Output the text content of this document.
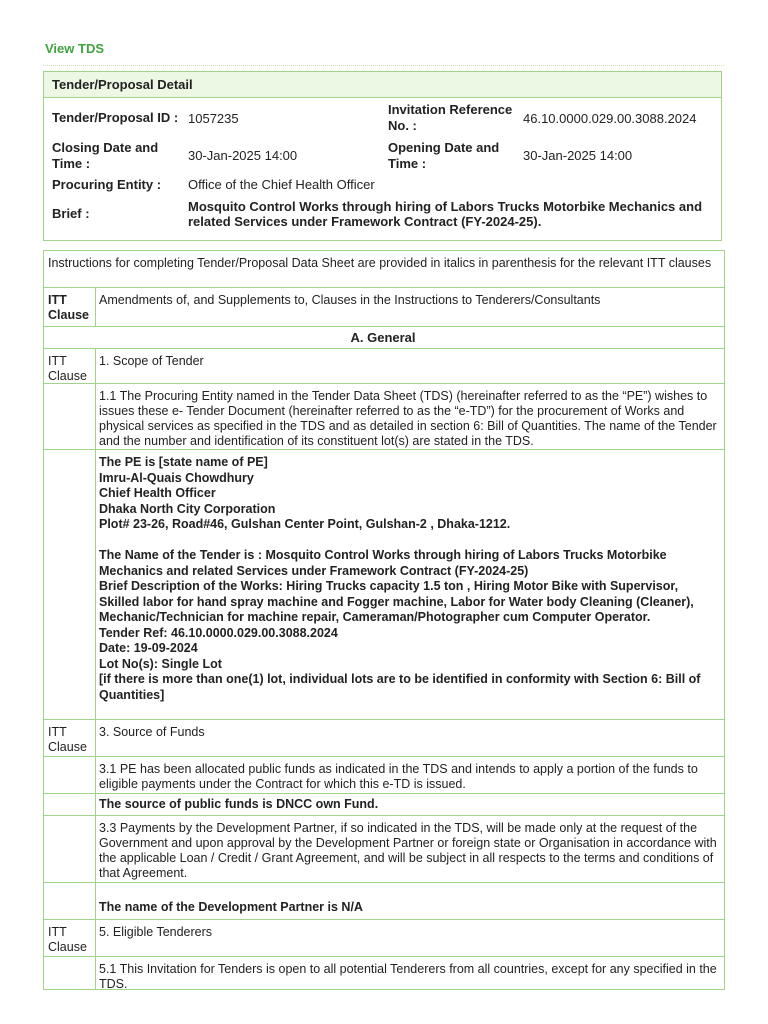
View TDS
Tender/Proposal Detail
Tender/Proposal ID : 1057235
Invitation Reference No. :	46.10.0000.029.00.3088.2024
Closing Date and Time :
30-Jan-2025 14:00
Opening Date and Time :
30-Jan-2025 14:00
Procuring Entity : Office of the Chief Health Officer
Brief :	Mosquito Control Works through hiring of Labors Trucks Motorbike Mechanics and related Services under Framework Contract (FY-2024-25).
Instructions for completing Tender/Proposal Data Sheet are provided in italics in parenthesis for the relevant ITT clauses
ITT Clause
Amendments of, and Supplements to, Clauses in the Instructions to Tenderers/Consultants
A. General
ITT Clause
1. Scope of Tender
1.1 The Procuring Entity named in the Tender Data Sheet (TDS) (hereinafter referred to as the “PE”) wishes to issues these e- Tender Document (hereinafter referred to as the “e-TD”) for the procurement of Works and physical services as specified in the TDS and as detailed in section 6: Bill of Quantities. The name of the Tender and the number and identification of its constituent lot(s) are stated in the TDS.

The PE is [state name of PE]

Imru-Al-Quais Chowdhury

Chief Health Officer

Dhaka North City Corporation

Plot# 23-26, Road#46, Gulshan Center Point, Gulshan-2 , Dhaka-1212.

The Name of the Tender is : Mosquito Control Works through hiring of Labors Trucks Motorbike Mechanics and related Services under Framework Contract (FY-2024-25)

Brief Description of the Works: Hiring Trucks capacity 1.5 ton , Hiring Motor Bike with Supervisor, Skilled labor for hand spray machine and Fogger machine, Labor for Water body Cleaning (Cleaner), Mechanic/Technician for machine repair, Cameraman/Photographer cum Computer Operator.

Tender Ref: 46.10.0000.029.00.3088.2024

Date: 19-09-2024

Lot No(s): Single Lot

[if there is more than one(1) lot, individual lots are to be identified in conformity with Section 6: Bill of Quantities]

ITT Clause
3. Source of Funds
3.1 PE has been allocated public funds as indicated in the TDS and intends to apply a portion of the funds to eligible payments under the Contract for which this e-TD is issued.
The source of public funds is DNCC own Fund.
3.3 Payments by the Development Partner, if so indicated in the TDS, will be made only at the request of the Government and upon approval by the Development Partner or foreign state or Organisation in accordance with the applicable Loan / Credit / Grant Agreement, and will be subject in all respects to the terms and conditions of that Agreement.
The name of the Development Partner is N/A
ITT Clause
5. Eligible Tenderers
5.1 This Invitation for Tenders is open to all potential Tenderers from all countries, except for any specified in the TDS.
